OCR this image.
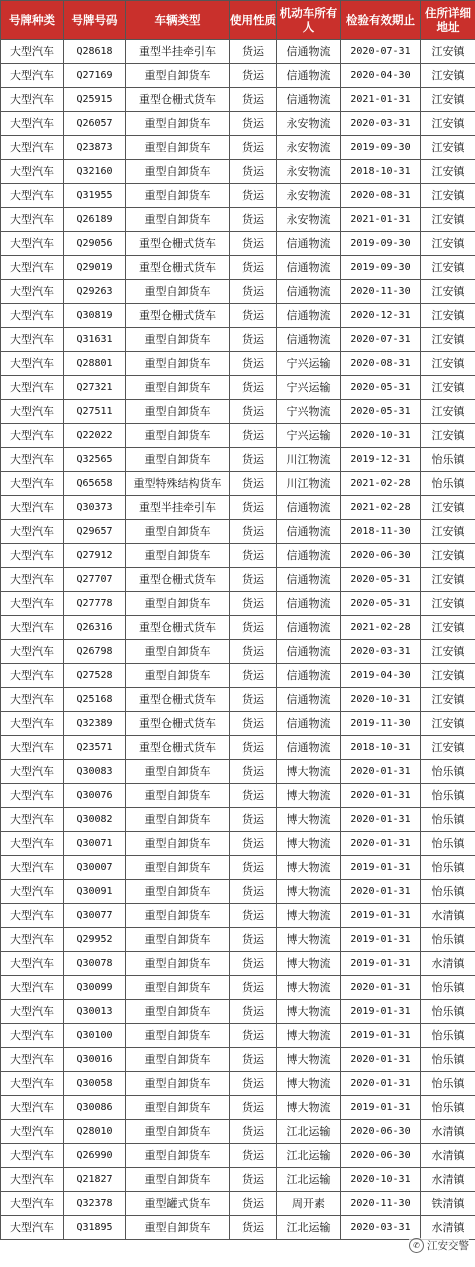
号牌种类	号牌号码	车辆类型	使用性质	机动车所有人	检验有效期止	住所详细地址
大型汽车	Q28618	重型半挂牵引车	货运	信通物流	2020-07-31	江安镇
大型汽车	Q27169	重型自卸货车	货运	信通物流	2020-04-30	江安镇
大型汽车	Q25915	重型仓栅式货车	货运	信通物流	2021-01-31	江安镇
大型汽车	Q26057	重型自卸货车	货运	永安物流	2020-03-31	江安镇
大型汽车	Q23873	重型自卸货车	货运	永安物流	2019-09-30	江安镇
大型汽车	Q32160	重型自卸货车	货运	永安物流	2018-10-31	江安镇
大型汽车	Q31955	重型自卸货车	货运	永安物流	2020-08-31	江安镇
大型汽车	Q26189	重型自卸货车	货运	永安物流	2021-01-31	江安镇
大型汽车	Q29056	重型仓栅式货车	货运	信通物流	2019-09-30	江安镇
大型汽车	Q29019	重型仓栅式货车	货运	信通物流	2019-09-30	江安镇
大型汽车	Q29263	重型自卸货车	货运	信通物流	2020-11-30	江安镇
大型汽车	Q30819	重型仓栅式货车	货运	信通物流	2020-12-31	江安镇
大型汽车	Q31631	重型自卸货车	货运	信通物流	2020-07-31	江安镇
大型汽车	Q28801	重型自卸货车	货运	宁兴运输	2020-08-31	江安镇
大型汽车	Q27321	重型自卸货车	货运	宁兴运输	2020-05-31	江安镇
大型汽车	Q27511	重型自卸货车	货运	宁兴物流	2020-05-31	江安镇
大型汽车	Q22022	重型自卸货车	货运	宁兴运输	2020-10-31	江安镇
大型汽车	Q32565	重型自卸货车	货运	川江物流	2019-12-31	怡乐镇
大型汽车	Q65658	重型特殊结构货车	货运	川江物流	2021-02-28	怡乐镇
大型汽车	Q30373	重型半挂牵引车	货运	信通物流	2021-02-28	江安镇
大型汽车	Q29657	重型自卸货车	货运	信通物流	2018-11-30	江安镇
大型汽车	Q27912	重型自卸货车	货运	信通物流	2020-06-30	江安镇
大型汽车	Q27707	重型仓栅式货车	货运	信通物流	2020-05-31	江安镇
大型汽车	Q27778	重型自卸货车	货运	信通物流	2020-05-31	江安镇
大型汽车	Q26316	重型仓栅式货车	货运	信通物流	2021-02-28	江安镇
大型汽车	Q26798	重型自卸货车	货运	信通物流	2020-03-31	江安镇
大型汽车	Q27528	重型自卸货车	货运	信通物流	2019-04-30	江安镇
大型汽车	Q25168	重型仓栅式货车	货运	信通物流	2020-10-31	江安镇
大型汽车	Q32389	重型仓栅式货车	货运	信通物流	2019-11-30	江安镇
大型汽车	Q23571	重型仓栅式货车	货运	信通物流	2018-10-31	江安镇
大型汽车	Q30083	重型自卸货车	货运	博大物流	2020-01-31	怡乐镇
大型汽车	Q30076	重型自卸货车	货运	博大物流	2020-01-31	怡乐镇
大型汽车	Q30082	重型自卸货车	货运	博大物流	2020-01-31	怡乐镇
大型汽车	Q30071	重型自卸货车	货运	博大物流	2020-01-31	怡乐镇
大型汽车	Q30007	重型自卸货车	货运	博大物流	2019-01-31	怡乐镇
大型汽车	Q30091	重型自卸货车	货运	博大物流	2020-01-31	怡乐镇
大型汽车	Q30077	重型自卸货车	货运	博大物流	2019-01-31	水清镇
大型汽车	Q29952	重型自卸货车	货运	博大物流	2019-01-31	怡乐镇
大型汽车	Q30078	重型自卸货车	货运	博大物流	2019-01-31	水清镇
大型汽车	Q30099	重型自卸货车	货运	博大物流	2020-01-31	怡乐镇
大型汽车	Q30013	重型自卸货车	货运	博大物流	2019-01-31	怡乐镇
大型汽车	Q30100	重型自卸货车	货运	博大物流	2019-01-31	怡乐镇
大型汽车	Q30016	重型自卸货车	货运	博大物流	2020-01-31	怡乐镇
大型汽车	Q30058	重型自卸货车	货运	博大物流	2020-01-31	怡乐镇
大型汽车	Q30086	重型自卸货车	货运	博大物流	2019-01-31	怡乐镇
大型汽车	Q28010	重型自卸货车	货运	江北运输	2020-06-30	水清镇
大型汽车	Q26990	重型自卸货车	货运	江北运输	2020-06-30	水清镇
大型汽车	Q21827	重型自卸货车	货运	江北运输	2020-10-31	水清镇
大型汽车	Q32378	重型罐式货车	货运	周开素	2020-11-30	铁清镇
大型汽车	Q31895	重型自卸货车	货运	江北运输	2020-03-31	水清镇
✆ 江安交警
